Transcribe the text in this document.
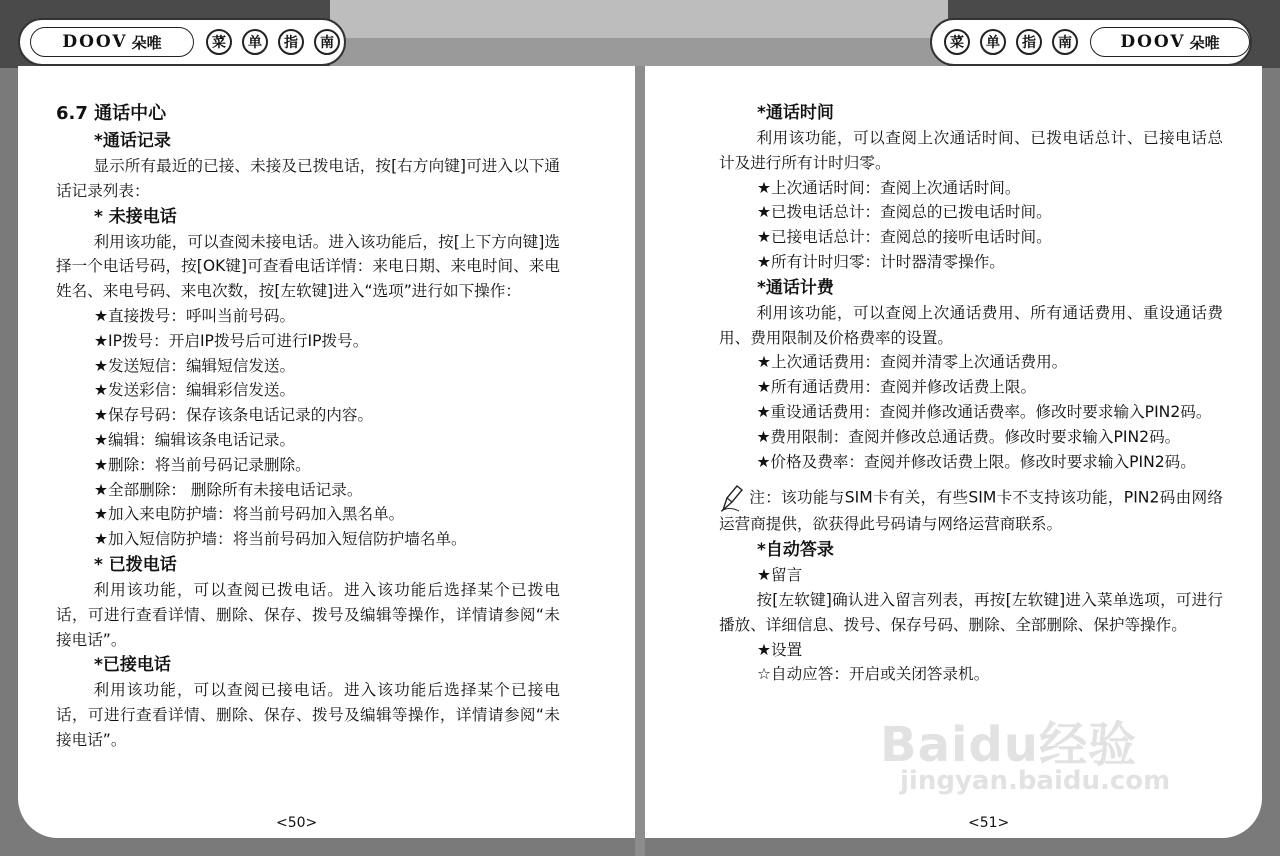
DOOV 朵唯	菜	单	指	南	菜	单	指	南	DOOV 朵唯

6.7 通话中心

*通话记录

显示所有最近的已接、未接及已拨电话，按[右方向键]可进入以下通话记录列表：

* 未接电话

利用该功能，可以查阅未接电话。进入该功能后，按[上下方向键]选择一个电话号码，按[OK键]可查看电话详情：来电日期、来电时间、来电姓名、来电号码、来电次数，按[左软键]进入“选项”进行如下操作：

★直接拨号：呼叫当前号码。

★IP拨号：开启IP拨号后可进行IP拨号。

★发送短信：编辑短信发送。

★发送彩信：编辑彩信发送。

★保存号码：保存该条电话记录的内容。

★编辑：编辑该条电话记录。

★删除：将当前号码记录删除。

★全部删除： 删除所有未接电话记录。

★加入来电防护墙：将当前号码加入黑名单。

★加入短信防护墙：将当前号码加入短信防护墙名单。

* 已拨电话

利用该功能，可以查阅已拨电话。进入该功能后选择某个已拨电话，可进行查看详情、删除、保存、拨号及编辑等操作，详情请参阅“未接电话”。

*已接电话

利用该功能，可以查阅已接电话。进入该功能后选择某个已接电话，可进行查看详情、删除、保存、拨号及编辑等操作，详情请参阅“未接电话”。

*通话时间

利用该功能，可以查阅上次通话时间、已拨电话总计、已接电话总计及进行所有计时归零。

★上次通话时间：查阅上次通话时间。

★已拨电话总计：查阅总的已拨电话时间。

★已接电话总计：查阅总的接听电话时间。

★所有计时归零：计时器清零操作。

*通话计费

利用该功能，可以查阅上次通话费用、所有通话费用、重设通话费用、费用限制及价格费率的设置。

★上次通话费用：查阅并清零上次通话费用。

★所有通话费用：查阅并修改话费上限。

★重设通话费用：查阅并修改通话费率。修改时要求输入PIN2码。

★费用限制：查阅并修改总通话费。修改时要求输入PIN2码。

★价格及费率：查阅并修改话费上限。修改时要求输入PIN2码。

注：该功能与SIM卡有关，有些SIM卡不支持该功能，PIN2码由网络运营商提供，欲获得此号码请与网络运营商联系。

*自动答录

★留言

按[左软键]确认进入留言列表，再按[左软键]进入菜单选项，可进行播放、详细信息、拨号、保存号码、删除、全部删除、保护等操作。

★设置

☆自动应答：开启或关闭答录机。

<50>	<51>
Baidu经验
jingyan.baidu.com
